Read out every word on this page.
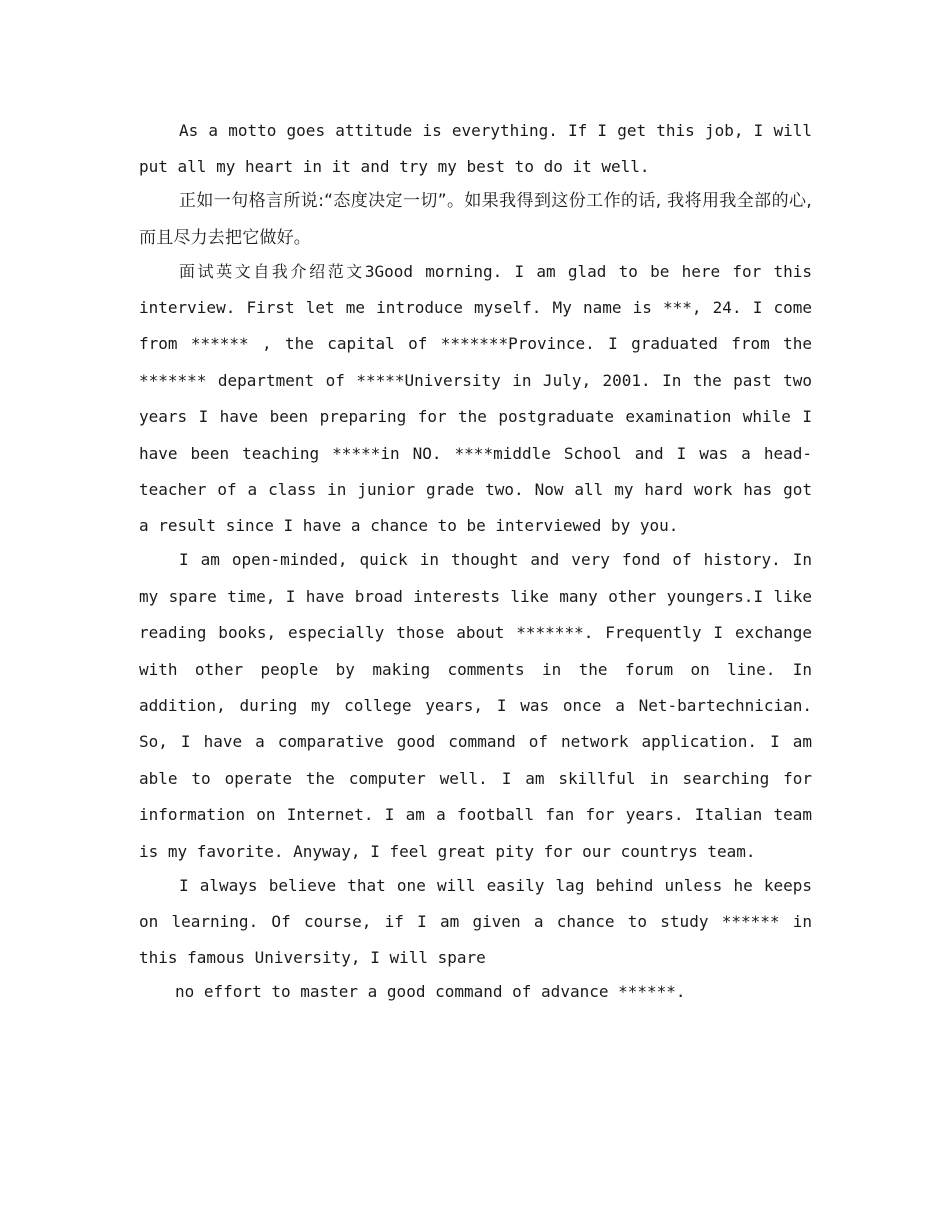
As a motto goes attitude is everything. If I get this job, I will put all my heart in it and try my best to do it well.

正如一句格言所说:“态度决定一切”。如果我得到这份工作的话, 我将用我全部的心, 而且尽力去把它做好。

面试英文自我介绍范文3Good morning. I am glad to be here for this interview. First let me introduce myself. My name is ***, 24. I come from ****** , the capital of *******Province. I graduated from the ******* department of *****University in July, 2001. In the past two years I have been preparing for the postgraduate examination while I have been teaching *****in NO. ****middle School and I was a head-teacher of a class in junior grade two. Now all my hard work has got a result since I have a chance to be interviewed by you.

I am open-minded, quick in thought and very fond of history. In my spare time, I have broad interests like many other youngers.I like reading books, especially those about *******. Frequently I exchange with other people by making comments in the forum on line. In addition, during my college years, I was once a Net-bartechnician. So, I have a comparative good command of network application. I am able to operate the computer well. I am skillful in searching for information on Internet. I am a football fan for years. Italian team is my favorite. Anyway, I feel great pity for our countrys team.

I always believe that one will easily lag behind unless he keeps on learning. Of course, if I am given a chance to study ****** in this famous University, I will spare

no effort to master a good command of advance ******.
